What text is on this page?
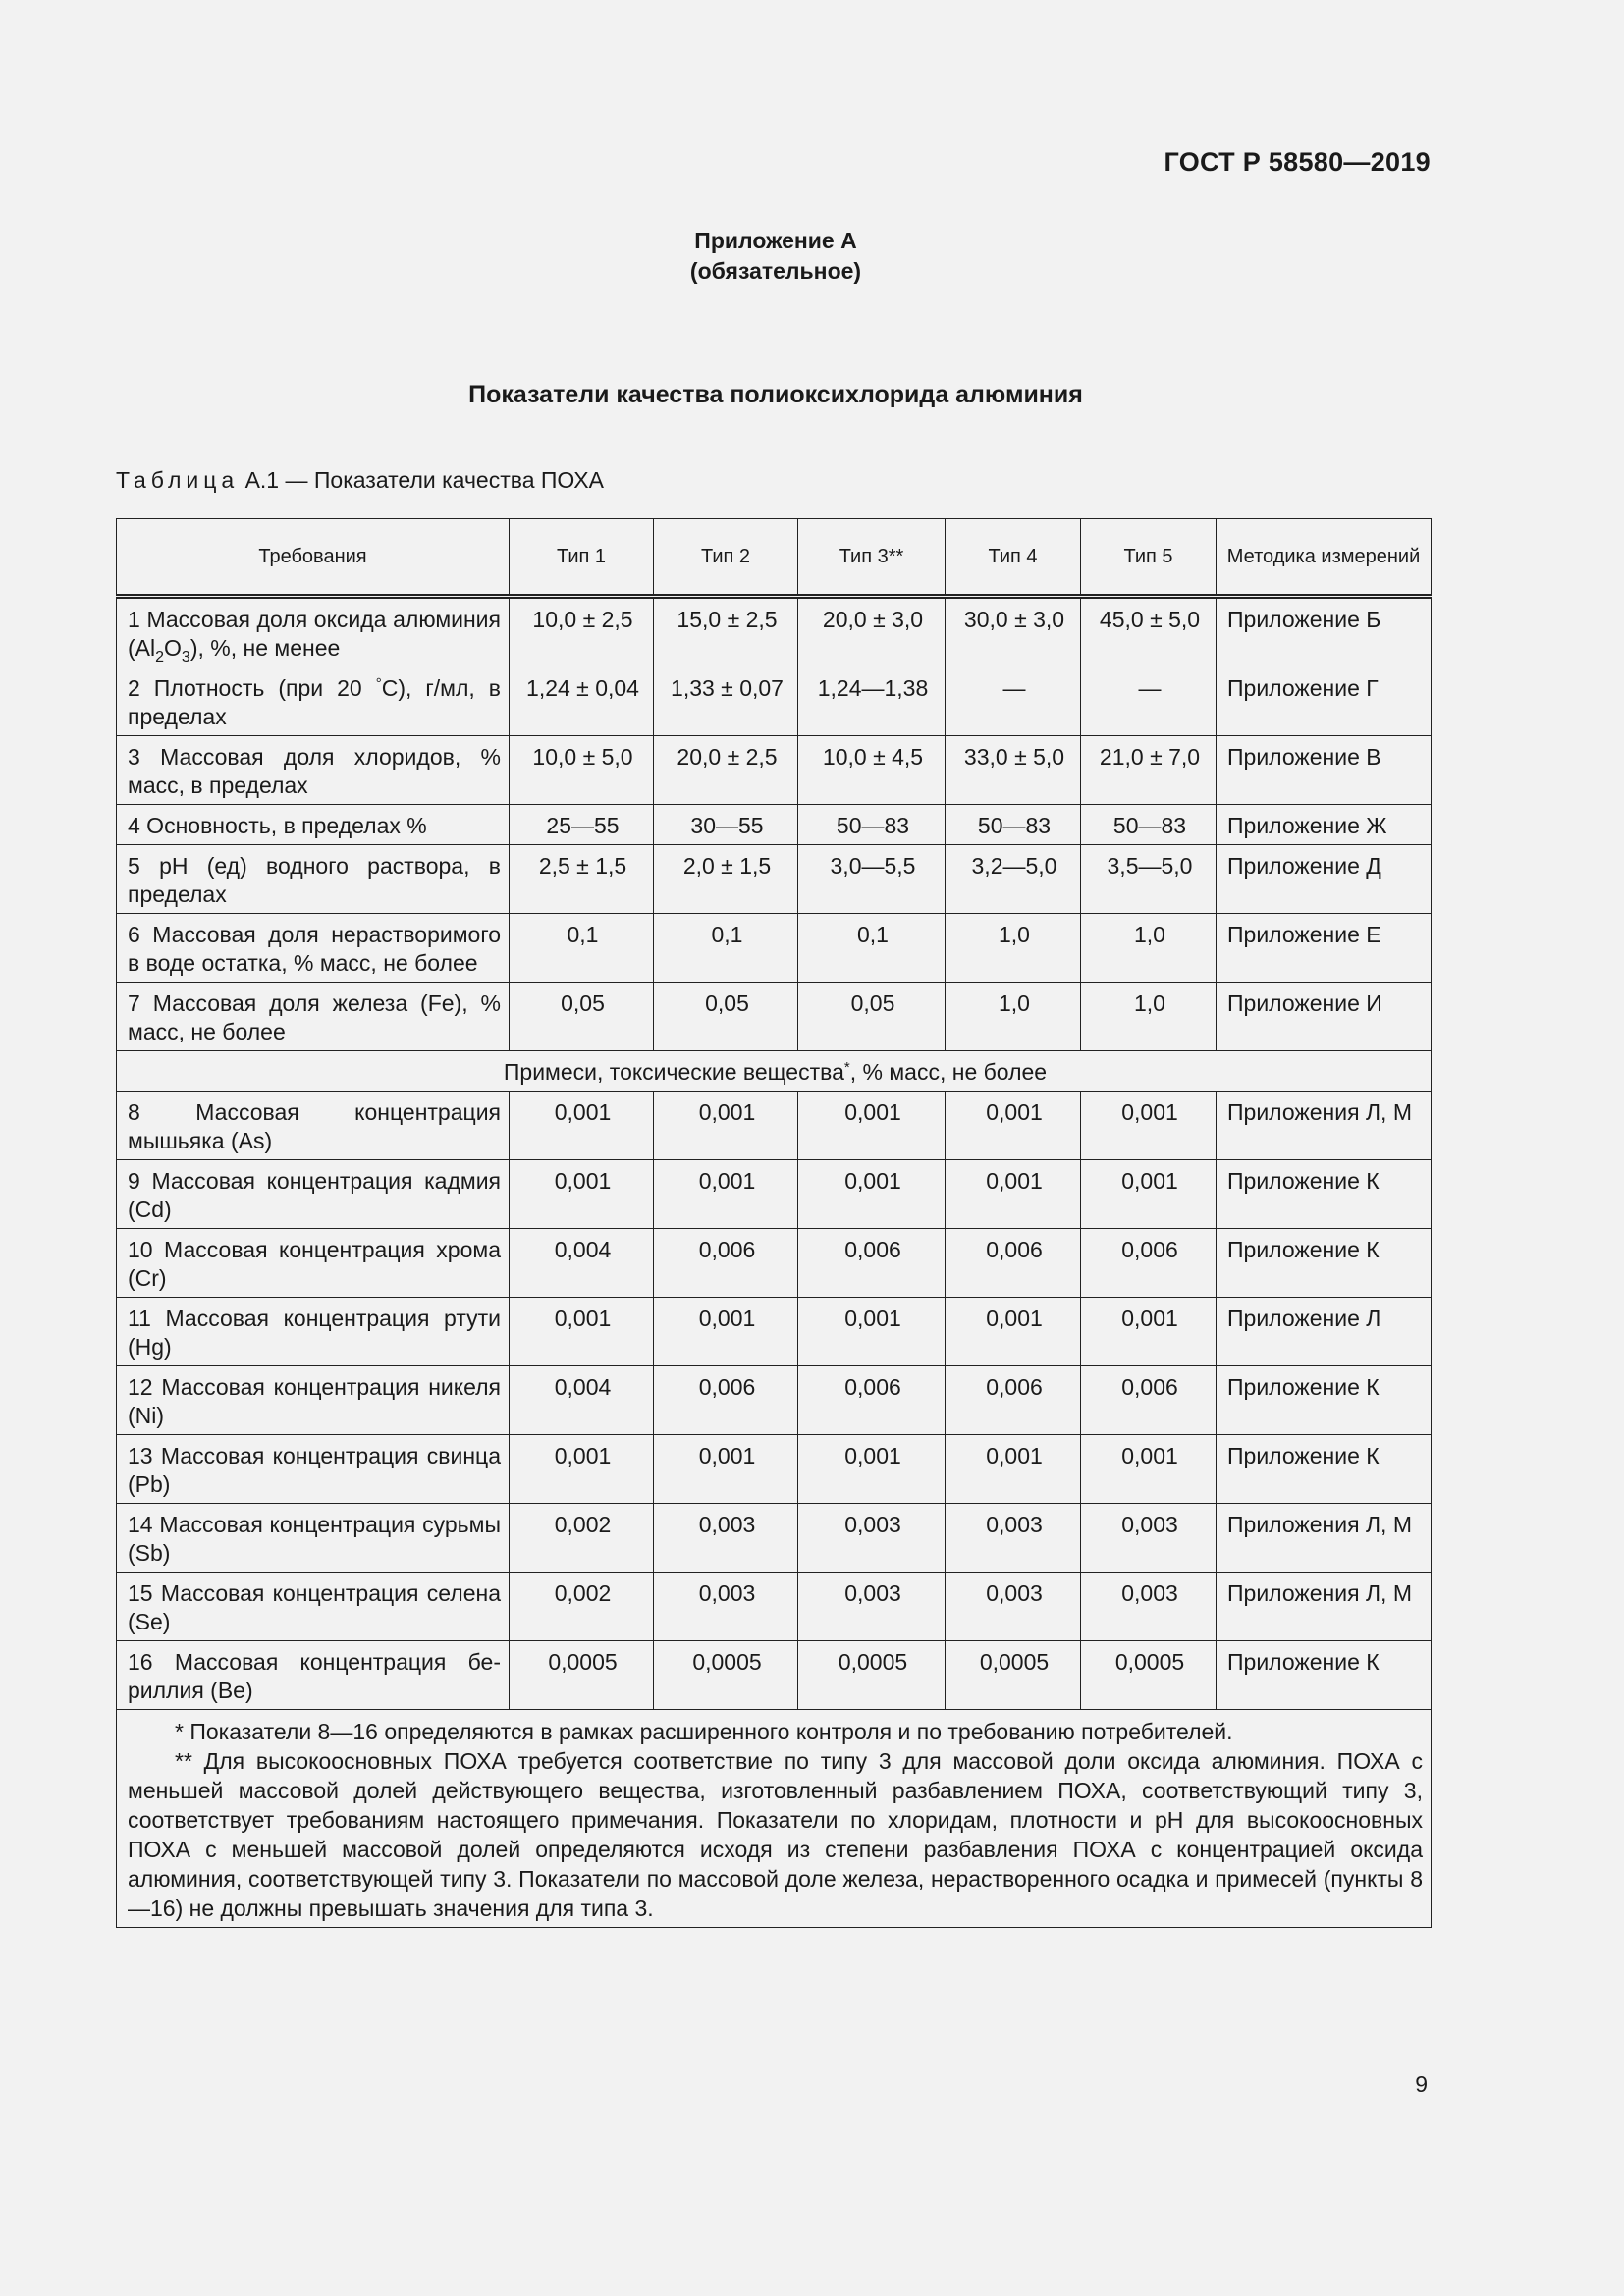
ГОСТ Р 58580—2019
Приложение А
(обязательное)
Показатели качества полиоксихлорида алюминия
Таблица А.1 — Показатели качества ПОХА
Требования	Тип 1	Тип 2	Тип 3**	Тип 4	Тип 5	Методика измерений
1 Массовая доля оксида алюминия $(Al_2O_3)$, %, не менее	10,0 ± 2,5	15,0 ± 2,5	20,0 ± 3,0	30,0 ± 3,0	45,0 ± 5,0	Приложение Б
2 Плотность (при 20 °С), г/мл, в пределах	1,24 ± 0,04	1,33 ± 0,07	1,24—1,38	—	—	Приложение Г
3 Массовая доля хлоридов, % масс, в пределах	10,0 ± 5,0	20,0 ± 2,5	10,0 ± 4,5	33,0 ± 5,0	21,0 ± 7,0	Приложение В
4 Основность, в пределах %	25—55	30—55	50—83	50—83	50—83	Приложение Ж
5 pH (ед) водного раствора, в пределах	2,5 ± 1,5	2,0 ± 1,5	3,0—5,5	3,2—5,0	3,5—5,0	Приложение Д
6 Массовая доля нерастворимого в воде остатка, % масс, не более	0,1	0,1	0,1	1,0	1,0	Приложение Е
7 Массовая доля железа (Fe), % масс, не более	0,05	0,05	0,05	1,0	1,0	Приложение И
Примеси, токсические вещества*, % масс, не более						
8 Массовая концентрация мышьяка (As)	0,001	0,001	0,001	0,001	0,001	Приложения Л, М
9 Массовая концентрация кадмия (Cd)	0,001	0,001	0,001	0,001	0,001	Приложение К
10 Массовая концентрация хрома (Cr)	0,004	0,006	0,006	0,006	0,006	Приложение К
11 Массовая концентрация ртути (Hg)	0,001	0,001	0,001	0,001	0,001	Приложение Л
12 Массовая концентрация никеля (Ni)	0,004	0,006	0,006	0,006	0,006	Приложение К
13 Массовая концентрация свинца (Pb)	0,001	0,001	0,001	0,001	0,001	Приложение К
14 Массовая концентрация сурьмы (Sb)	0,002	0,003	0,003	0,003	0,003	Приложения Л, М
15 Массовая концентрация селена (Se)	0,002	0,003	0,003	0,003	0,003	Приложения Л, М
16 Массовая концентрация бериллия (Be)	0,0005	0,0005	0,0005	0,0005	0,0005	Приложение К

* Показатели 8—16 определяются в рамках расширенного контроля и по требованию потребителей.

** Для высокоосновных ПОХА требуется соответствие по типу 3 для массовой доли оксида алюминия. ПОХА с меньшей массовой долей действующего вещества, изготовленный разбавлением ПОХА, соответствующий типу 3, соответствует требованиям настоящего примечания. Показатели по хлоридам, плотности и pH для высокоосновных ПОХА с меньшей массовой долей определяются исходя из степени разбавления ПОХА с концентрацией оксида алюминия, соответствующей типу 3. Показатели по массовой доле железа, нерастворенного осадка и примесей (пункты 8—16) не должны превышать значения для типа 3.						

9
